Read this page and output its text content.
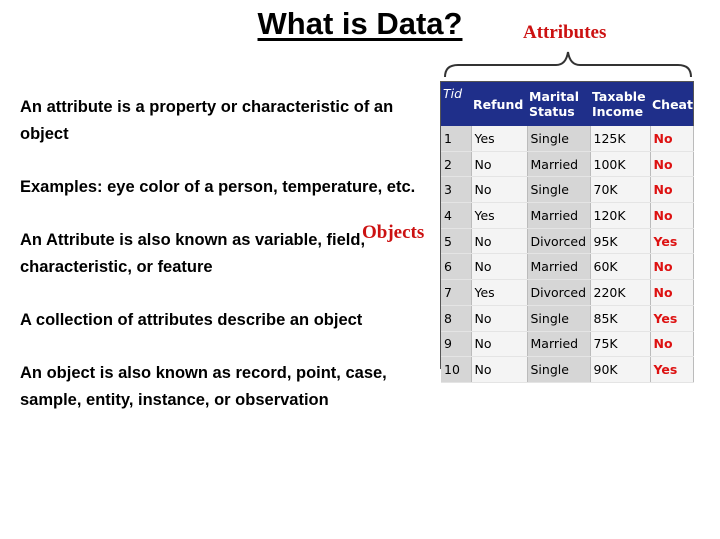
What is Data?
An attribute is a property or characteristic of an object
Examples: eye color of a person, temperature, etc.
An Attribute is also known as variable, field, characteristic, or feature
A collection of attributes describe an object
An object is also known as record, point, case, sample, entity, instance, or observation
Attributes
Objects
Tid	Refund	Marital Status	Taxable Income	Cheat
1	Yes	Single	125K	No
2	No	Married	100K	No
3	No	Single	70K	No
4	Yes	Married	120K	No
5	No	Divorced	95K	Yes
6	No	Married	60K	No
7	Yes	Divorced	220K	No
8	No	Single	85K	Yes
9	No	Married	75K	No
10	No	Single	90K	Yes
